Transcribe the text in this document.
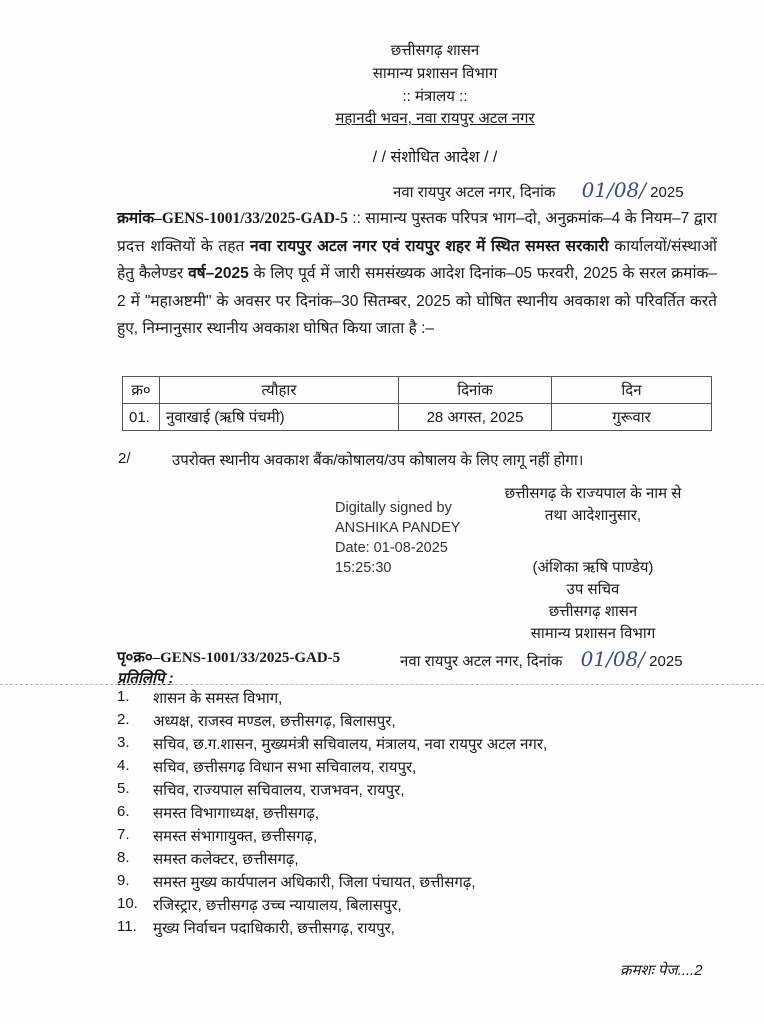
छत्तीसगढ़ शासन
सामान्य प्रशासन विभाग
:: मंत्रालय ::
महानदी भवन, नवा रायपुर अटल नगर
/ / संशोधित आदेश / /
नवा रायपुर अटल नगर, दिनांक 01/08/ 2025
क्रमांक–GENS-1001/33/2025-GAD-5 :: सामान्य पुस्तक परिपत्र भाग–दो, अनुक्रमांक–4 के नियम–7 द्वारा प्रदत्त शक्तियों के तहत नवा रायपुर अटल नगर एवं रायपुर शहर में स्थित समस्त सरकारी कार्यालयों/संस्थाओं हेतु कैलेण्डर वर्ष–2025 के लिए पूर्व में जारी समसंख्यक आदेश दिनांक–05 फरवरी, 2025 के सरल क्रमांक–2 में "महाअष्टमी" के अवसर पर दिनांक–30 सितम्बर, 2025 को घोषित स्थानीय अवकाश को परिवर्तित करते हुए, निम्नानुसार स्थानीय अवकाश घोषित किया जाता है :–
क्र०	त्यौहार	दिनांक	दिन
01.	नुवाखाई (ऋषि पंचमी)	28 अगस्त, 2025	गुरूवार
2/	उपरोक्त स्थानीय अवकाश बैंक/कोषालय/उप कोषालय के लिए लागू नहीं होगा।
Digitally signed by
ANSHIKA PANDEY
Date: 01-08-2025
15:25:30
छत्तीसगढ़ के राज्यपाल के नाम से
तथा आदेशानुसार,
(अंशिका ऋषि पाण्डेय)
उप सचिव
छत्तीसगढ़ शासन
सामान्य प्रशासन विभाग
पृ०क्र०–GENS-1001/33/2025-GAD-5	नवा रायपुर अटल नगर, दिनांक 01/08/ 2025
प्रतिलिपि :
1.	शासन के समस्त विभाग,
2.	अध्यक्ष, राजस्व मण्डल, छत्तीसगढ़, बिलासपुर,
3.	सचिव, छ.ग.शासन, मुख्यमंत्री सचिवालय, मंत्रालय, नवा रायपुर अटल नगर,
4.	सचिव, छत्तीसगढ़ विधान सभा सचिवालय, रायपुर,
5.	सचिव, राज्यपाल सचिवालय, राजभवन, रायपुर,
6.	समस्त विभागाध्यक्ष, छत्तीसगढ़,
7.	समस्त संभागायुक्त, छत्तीसगढ़,
8.	समस्त कलेक्टर, छत्तीसगढ़,
9.	समस्त मुख्य कार्यपालन अधिकारी, जिला पंचायत, छत्तीसगढ़,
10.	रजिस्ट्रार, छत्तीसगढ़ उच्च न्यायालय, बिलासपुर,
11.	मुख्य निर्वाचन पदाधिकारी, छत्तीसगढ़, रायपुर,
क्रमशः पेज....2
